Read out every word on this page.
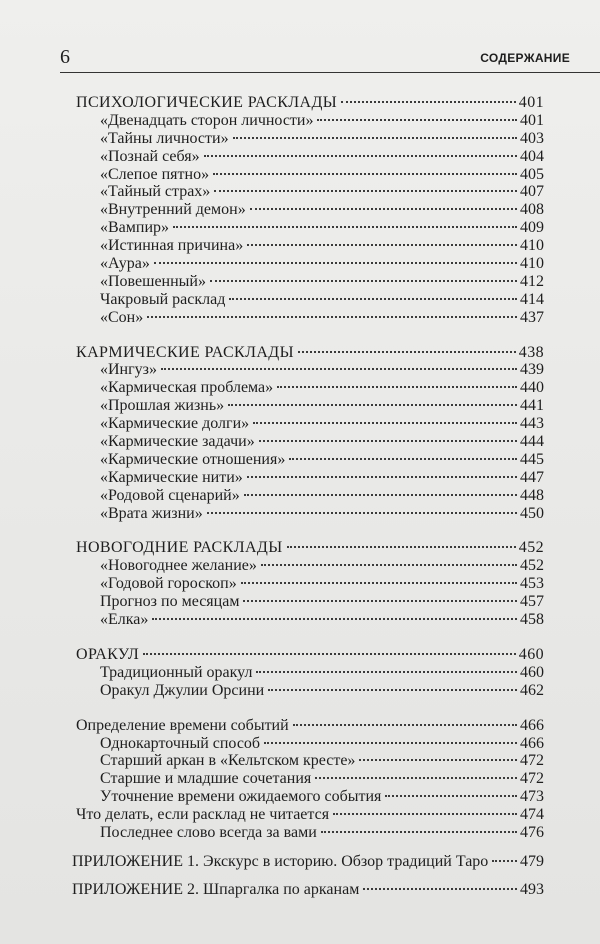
6	СОДЕРЖАНИЕ
ПСИХОЛОГИЧЕСКИЕ РАСКЛАДЫ	401
«Двенадцать сторон личности»	401
«Тайны личности»	403
«Познай себя»	404
«Слепое пятно»	405
«Тайный страх»	407
«Внутренний демон»	408
«Вампир»	409
«Истинная причина»	410
«Аура»	410
«Повешенный»	412
Чакровый расклад	414
«Сон»	437
КАРМИЧЕСКИЕ РАСКЛАДЫ	438
«Ингуз»	439
«Кармическая проблема»	440
«Прошлая жизнь»	441
«Кармические долги»	443
«Кармические задачи»	444
«Кармические отношения»	445
«Кармические нити»	447
«Родовой сценарий»	448
«Врата жизни»	450
НОВОГОДНИЕ РАСКЛАДЫ	452
«Новогоднее желание»	452
«Годовой гороскоп»	453
Прогноз по месяцам	457
«Елка»	458
ОРАКУЛ	460
Традиционный оракул	460
Оракул Джулии Орсини	462
Определение времени событий	466
Однокарточный способ	466
Старший аркан в «Кельтском кресте»	472
Старшие и младшие сочетания	472
Уточнение времени ожидаемого события	473
Что делать, если расклад не читается	474
Последнее слово всегда за вами	476
ПРИЛОЖЕНИЕ 1. Экскурс в историю. Обзор традиций Таро 479
ПРИЛОЖЕНИЕ 2. Шпаргалка по арканам	493
